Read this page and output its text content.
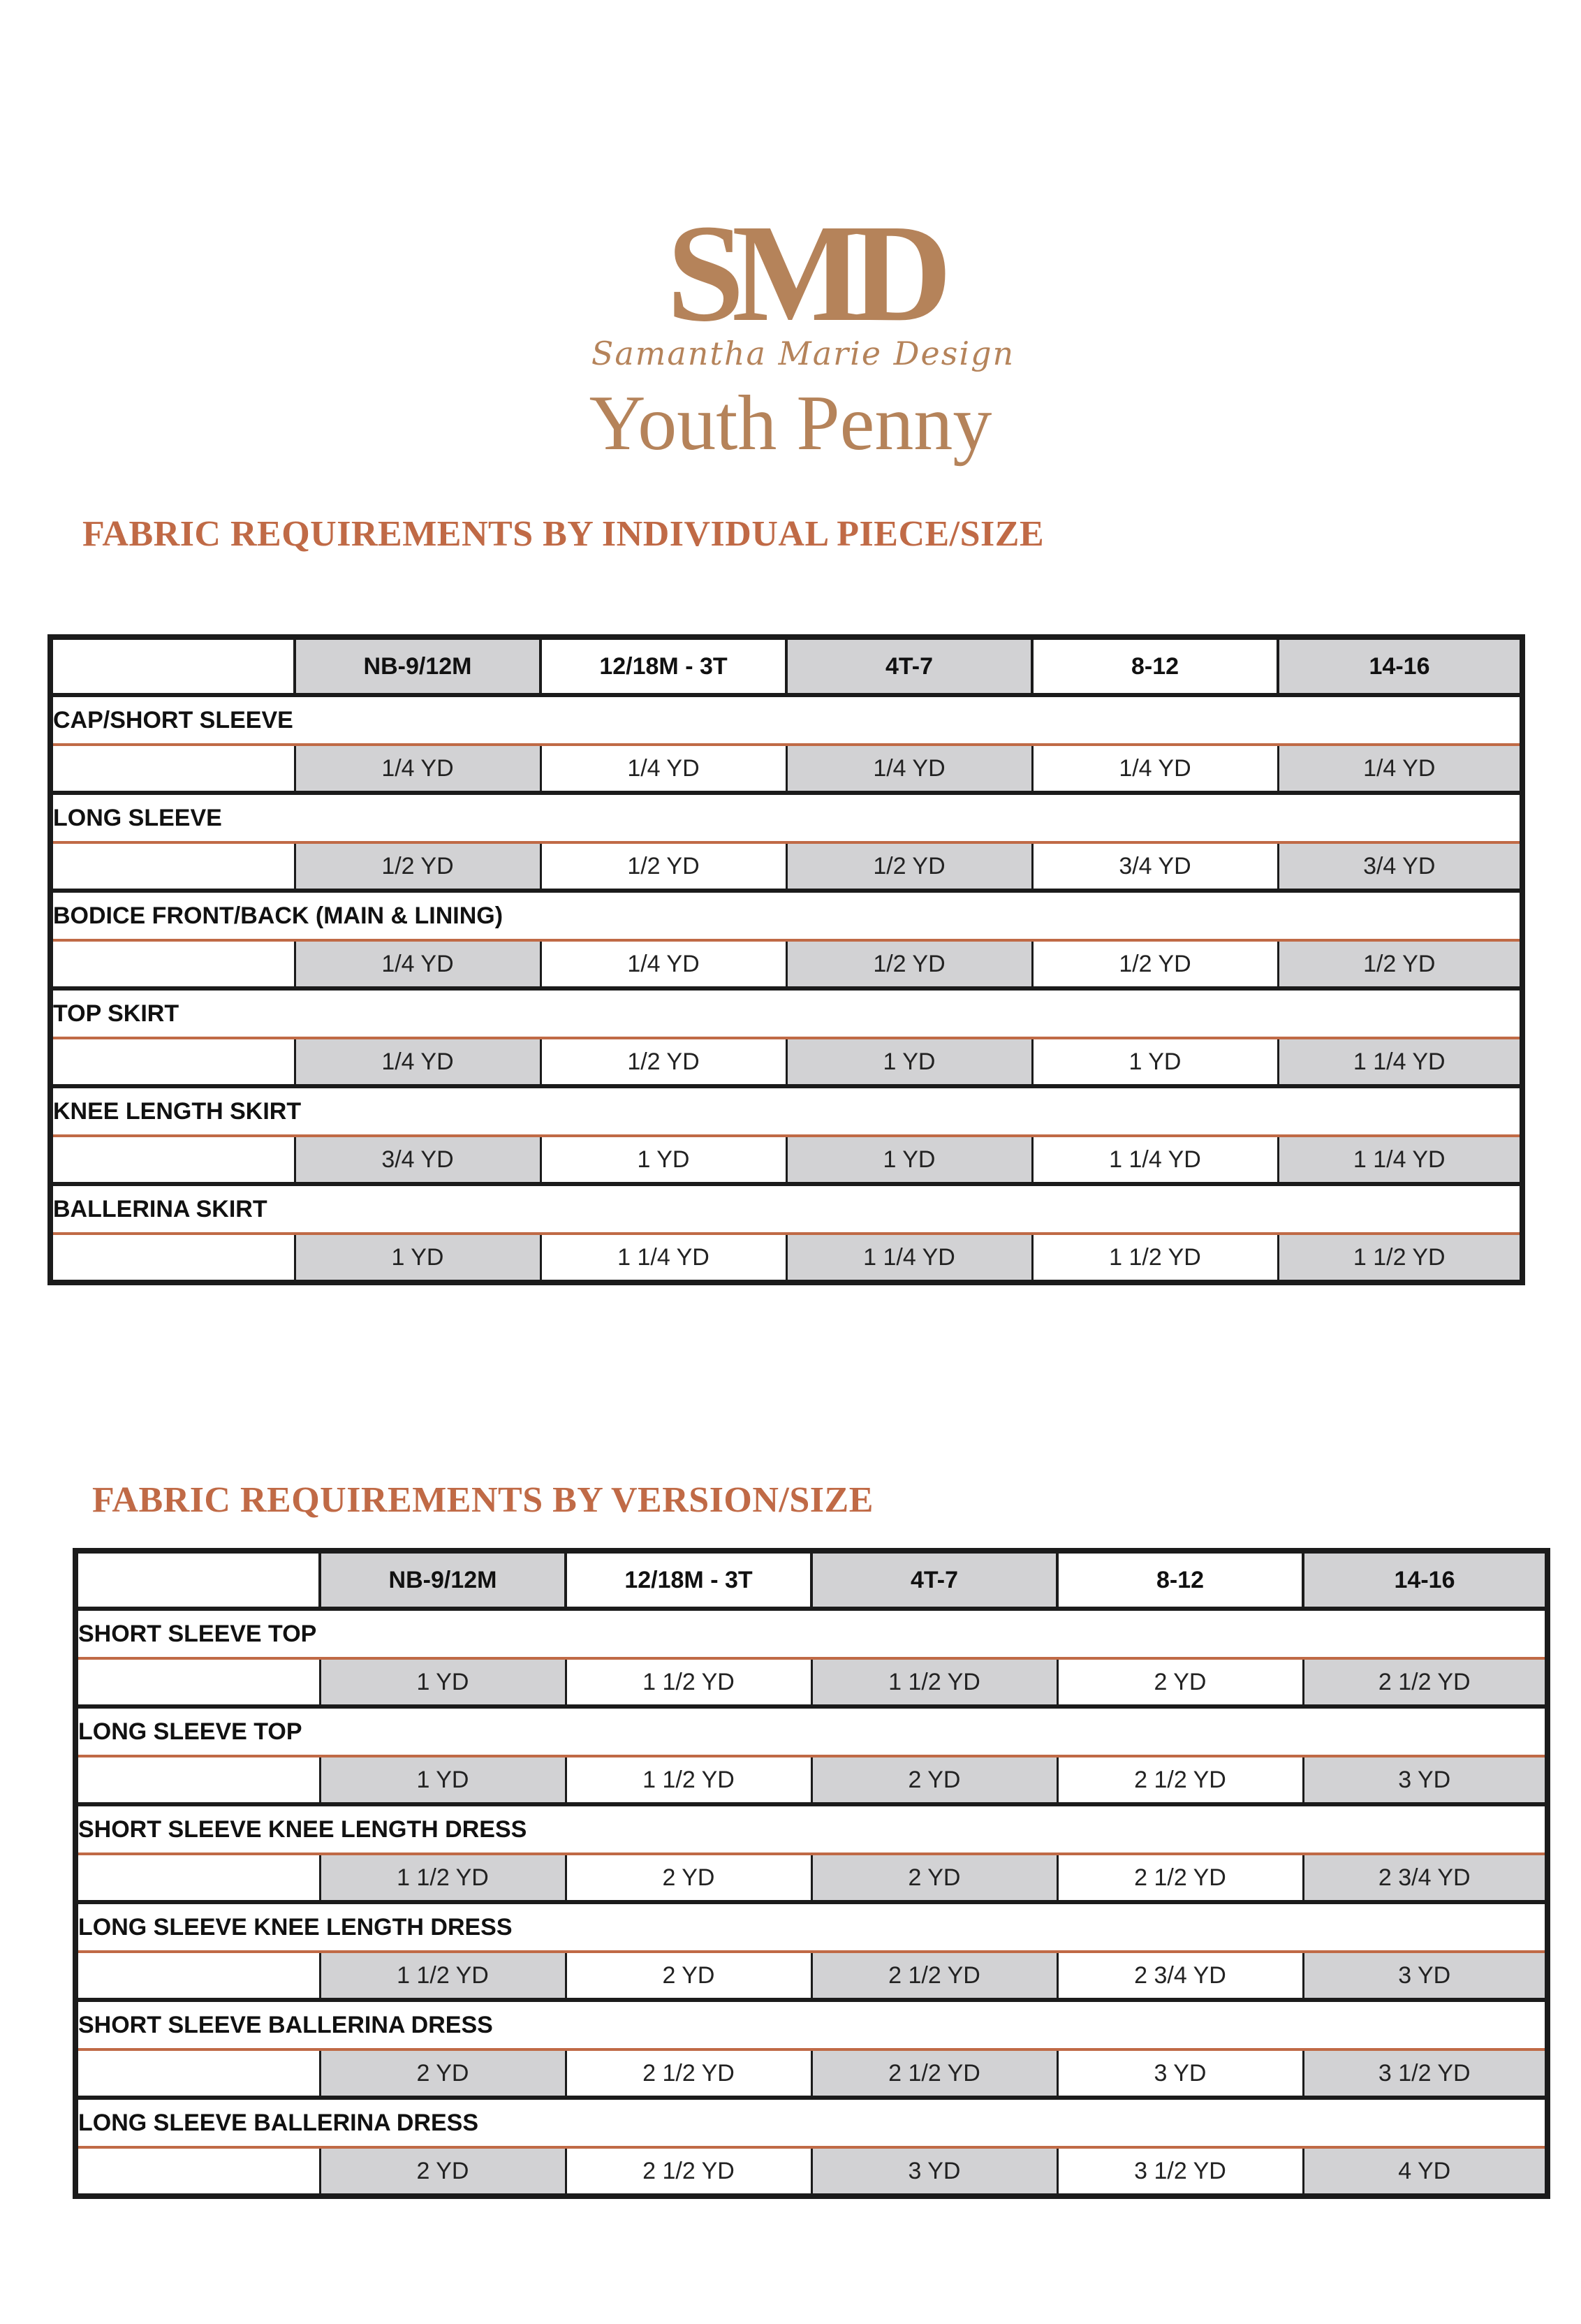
SMD
Samantha Marie Design
Youth Penny
FABRIC REQUIREMENTS BY INDIVIDUAL PIECE/SIZE
	NB-9/12M	12/18M - 3T	4T-7	8-12	14-16
CAP/SHORT SLEEVE					
	1/4 YD	1/4 YD	1/4 YD	1/4 YD	1/4 YD
LONG SLEEVE					
	1/2 YD	1/2 YD	1/2 YD	3/4 YD	3/4 YD
BODICE FRONT/BACK (MAIN & LINING)					
	1/4 YD	1/4 YD	1/2 YD	1/2 YD	1/2 YD
TOP SKIRT					
	1/4 YD	1/2 YD	1 YD	1 YD	1 1/4 YD
KNEE LENGTH SKIRT					
	3/4 YD	1 YD	1 YD	1 1/4 YD	1 1/4 YD
BALLERINA SKIRT					
	1 YD	1 1/4 YD	1 1/4 YD	1 1/2 YD	1 1/2 YD
FABRIC REQUIREMENTS BY VERSION/SIZE
	NB-9/12M	12/18M - 3T	4T-7	8-12	14-16
SHORT SLEEVE TOP					
	1 YD	1 1/2 YD	1 1/2 YD	2 YD	2 1/2 YD
LONG SLEEVE TOP					
	1 YD	1 1/2 YD	2 YD	2 1/2 YD	3 YD
SHORT SLEEVE KNEE LENGTH DRESS					
	1 1/2 YD	2 YD	2 YD	2 1/2 YD	2 3/4 YD
LONG SLEEVE KNEE LENGTH DRESS					
	1 1/2 YD	2 YD	2 1/2 YD	2 3/4 YD	3 YD
SHORT SLEEVE BALLERINA DRESS					
	2 YD	2 1/2 YD	2 1/2 YD	3 YD	3 1/2 YD
LONG SLEEVE BALLERINA DRESS					
	2 YD	2 1/2 YD	3 YD	3 1/2 YD	4 YD
